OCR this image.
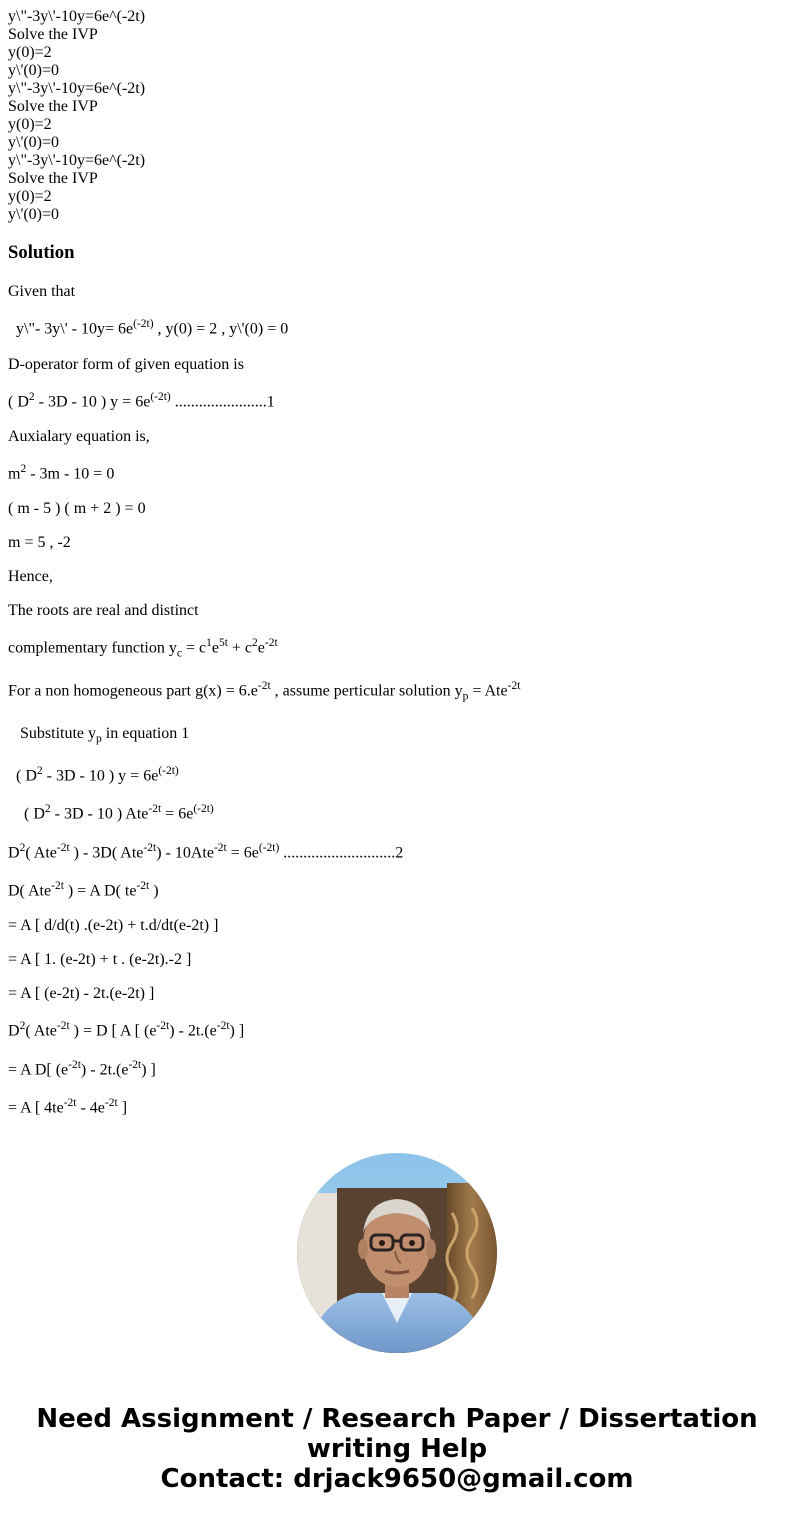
y\"-3y\'-10y=6e^(-2t)
Solve the IVP
y(0)=2
y\'(0)=0
y\"-3y\'-10y=6e^(-2t)
Solve the IVP
y(0)=2
y\'(0)=0
y\"-3y\'-10y=6e^(-2t)
Solve the IVP
y(0)=2
y\'(0)=0
Solution

Given that

y\"- 3y\' - $10y= 6e^{(-2t)}$ , y(0) = 2 , y\'(0) = 0

D-operator form of given equation is

( $D^2 - 3D - 10$ ) $y = 6e^{(-2t)}$ .......................1

Auxialary equation is,

$m^2 - 3m - 10 = 0$

( m - 5 ) ( m + 2 ) = 0

m = 5 , -2

Hence,

The roots are real and distinct

complementary function $y_c = c^1e^{5t} + c^2e^{-2t}$

For a non homogeneous part $g(x) = 6.e^{-2t}$ , assume perticular solution $y_p = Ate^{-2t}$

Substitute $y_p$ in equation 1

( $D^2 - 3D - 10$ ) $y = 6e^{(-2t)}$

( $D^2 - 3D - 10$ ) $Ate^{-2t} = 6e^{(-2t)}$

$D^2$( Ate$^{-2t}$ ) - 3D( $Ate^{-2t}) - 10Ate^{-2t} = 6e^{(-2t)}$ ............................2

D( Ate$^{-2t}$ ) = A D( $te^{-2t}$ )

= A [ d/d(t) .(e-2t) + t.d/dt(e-2t) ]

= A [ 1. (e-2t) + t . (e-2t).-2 ]

= A [ (e-2t) - 2t.(e-2t) ]

$D^2$( Ate$^{-2t}$ ) = D [ A [ $(e^{-2t}) - 2t.(e^{-2t})$ ]

= A D[ $(e^{-2t}) - 2t.(e^{-2t})$ ]

= A [ $4te^{-2t} - 4e^{-2t}$ ]

Need Assignment / Research Paper / Dissertation
writing Help
Contact: drjack9650@gmail.com
